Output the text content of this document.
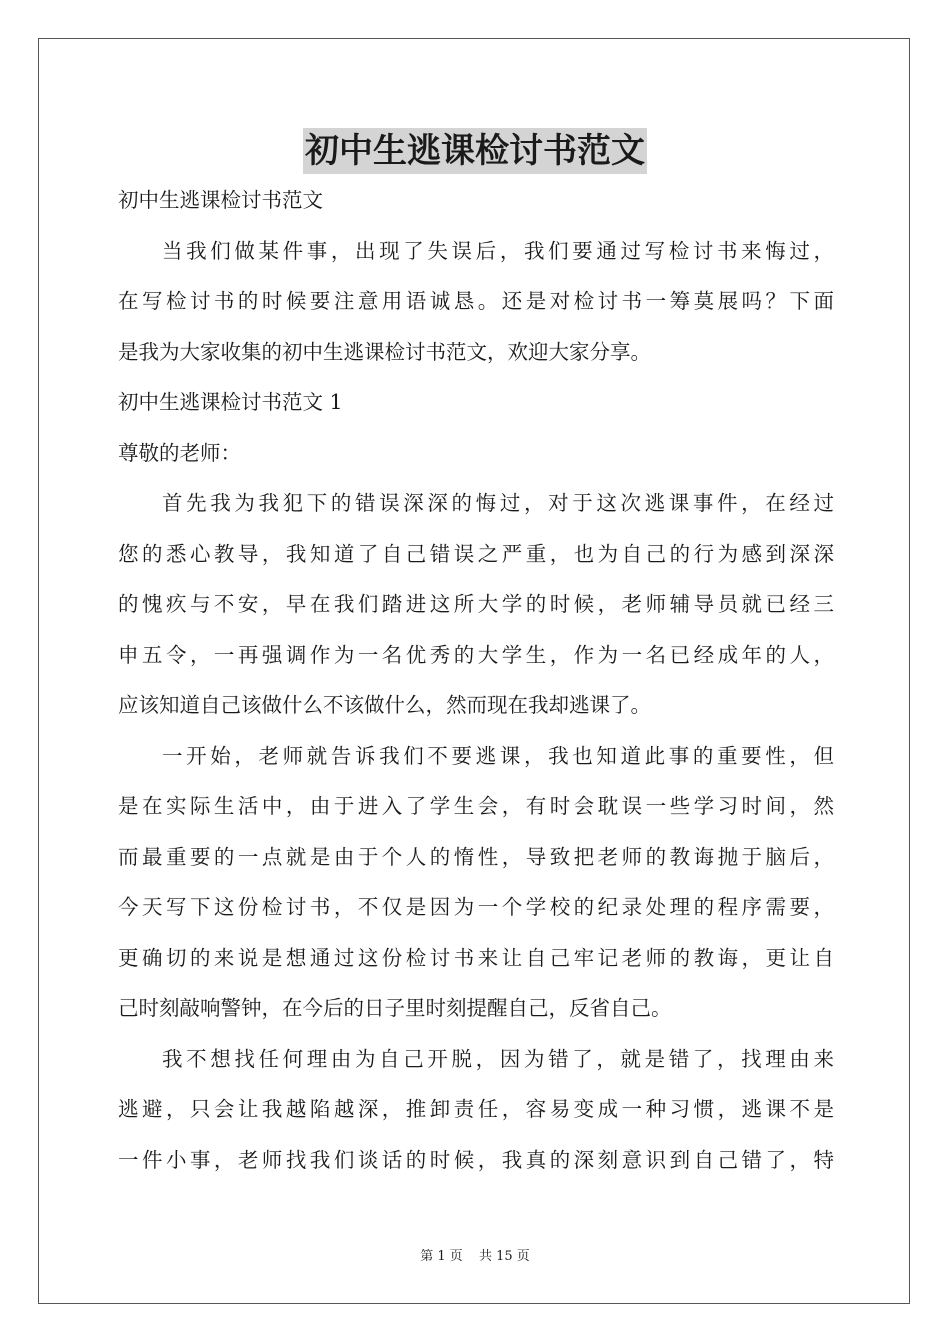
初中生逃课检讨书范文
初中生逃课检讨书范文
当我们做某件事，出现了失误后，我们要通过写检讨书来悔过，
在写检讨书的时候要注意用语诚恳。还是对检讨书一筹莫展吗？下面
是我为大家收集的初中生逃课检讨书范文，欢迎大家分享。
初中生逃课检讨书范文 1
尊敬的老师：
首先我为我犯下的错误深深的悔过，对于这次逃课事件，在经过
您的悉心教导，我知道了自己错误之严重，也为自己的行为感到深深
的愧疚与不安，早在我们踏进这所大学的时候，老师辅导员就已经三
申五令，一再强调作为一名优秀的大学生，作为一名已经成年的人，
应该知道自己该做什么不该做什么，然而现在我却逃课了。
一开始，老师就告诉我们不要逃课，我也知道此事的重要性，但
是在实际生活中，由于进入了学生会，有时会耽误一些学习时间，然
而最重要的一点就是由于个人的惰性，导致把老师的教诲抛于脑后，
今天写下这份检讨书，不仅是因为一个学校的纪录处理的程序需要，
更确切的来说是想通过这份检讨书来让自己牢记老师的教诲，更让自
己时刻敲响警钟，在今后的日子里时刻提醒自己，反省自己。
我不想找任何理由为自己开脱，因为错了，就是错了，找理由来
逃避，只会让我越陷越深，推卸责任，容易变成一种习惯，逃课不是
一件小事，老师找我们谈话的时候，我真的深刻意识到自己错了，特
第 1 页 共 15 页
